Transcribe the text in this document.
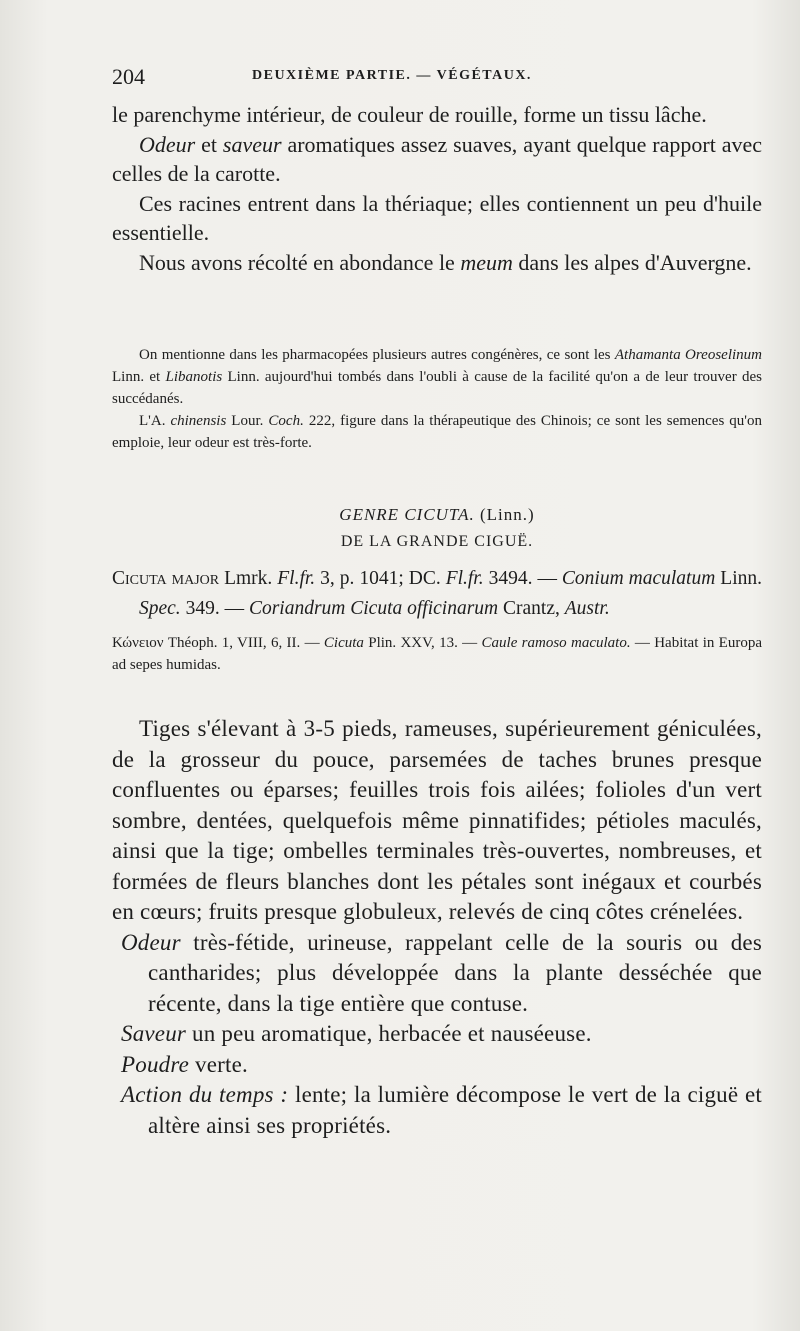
204	DEUXIÈME PARTIE. — VÉGÉTAUX.

le parenchyme intérieur, de couleur de rouille, forme un tissu lâche.

Odeur et saveur aromatiques assez suaves, ayant quelque rapport avec celles de la carotte.

Ces racines entrent dans la thériaque; elles contiennent un peu d'huile essentielle.

Nous avons récolté en abondance le meum dans les alpes d'Auvergne.

On mentionne dans les pharmacopées plusieurs autres congénères, ce sont les Athamanta Oreoselinum Linn. et Libanotis Linn. aujourd'hui tombés dans l'oubli à cause de la facilité qu'on a de leur trouver des succédanés.

L'A. chinensis Lour. Coch. 222, figure dans la thérapeutique des Chinois; ce sont les semences qu'on emploie, leur odeur est très-forte.

GENRE CICUTA. (Linn.)

DE LA GRANDE CIGUË.

Cicuta major Lmrk. Fl.fr. 3, p. 1041; DC. Fl.fr. 3494. — Conium maculatum Linn. Spec. 349. — Coriandrum Cicuta officinarum Crantz, Austr.

Κώνειον Théoph. 1, VIII, 6, II. — Cicuta Plin. XXV, 13. — Caule ramoso maculato. — Habitat in Europa ad sepes humidas.

Tiges s'élevant à 3-5 pieds, rameuses, supérieurement géniculées, de la grosseur du pouce, parsemées de taches brunes presque confluentes ou éparses; feuilles trois fois ailées; folioles d'un vert sombre, dentées, quelquefois même pinnatifides; pétioles maculés, ainsi que la tige; ombelles terminales très-ouvertes, nombreuses, et formées de fleurs blanches dont les pétales sont inégaux et courbés en cœurs; fruits presque globuleux, relevés de cinq côtes crénelées.

Odeur très-fétide, urineuse, rappelant celle de la souris ou des cantharides; plus développée dans la plante desséchée que récente, dans la tige entière que contuse.

Saveur un peu aromatique, herbacée et nauséeuse.

Poudre verte.

Action du temps : lente; la lumière décompose le vert de la ciguë et altère ainsi ses propriétés.
